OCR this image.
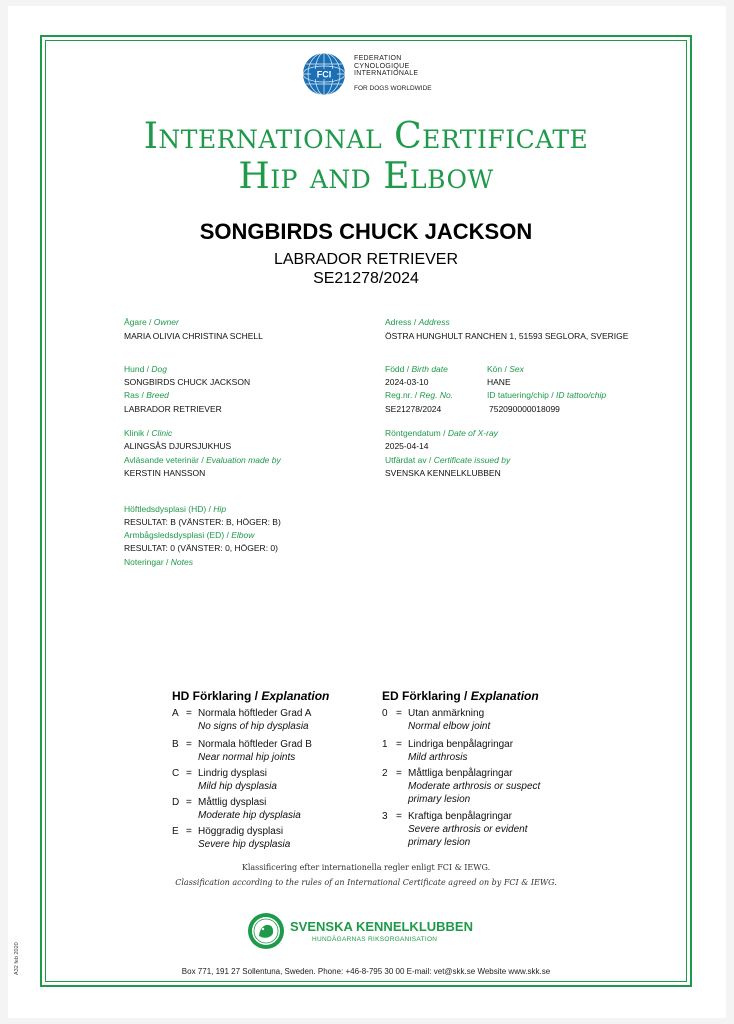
FCI
FEDERATION
CYNOLOGIQUE
INTERNATIONALE
FOR DOGS WORLDWIDE
International Certificate
Hip and Elbow
SONGBIRDS CHUCK JACKSON
LABRADOR RETRIEVER
SE21278/2024
Ägare / Owner
MARIA OLIVIA CHRISTINA SCHELL
Adress / Address
ÖSTRA HUNGHULT RANCHEN 1, 51593 SEGLORA, SVERIGE
Hund / Dog
SONGBIRDS CHUCK JACKSON
Född / Birth date
2024-03-10
Kön / Sex
HANE
Ras / Breed
LABRADOR RETRIEVER
Reg.nr. / Reg. No.
SE21278/2024
ID tatuering/chip / ID tattoo/chip
752090000018099
Klinik / Clinic
ALINGSÅS DJURSJUKHUS
Röntgendatum / Date of X-ray
2025-04-14
Avläsande veterinär / Evaluation made by
KERSTIN HANSSON
Utfärdat av / Certificate issued by
SVENSKA KENNELKLUBBEN
Höftledsdysplasi (HD) / Hip
RESULTAT: B (VÄNSTER: B, HÖGER: B)
Armbågsledsdysplasi (ED) / Elbow
RESULTAT: 0 (VÄNSTER: 0, HÖGER: 0)
Noteringar / Notes
HD Förklaring / Explanation
A = Normala höftleder Grad A
No signs of hip dysplasia
B = Normala höftleder Grad B
Near normal hip joints
C = Lindrig dysplasi
Mild hip dysplasia
D = Måttlig dysplasi
Moderate hip dysplasia
E = Höggradig dysplasi
Severe hip dysplasia
ED Förklaring / Explanation
0 = Utan anmärkning
Normal elbow joint
1 = Lindriga benpålagringar
Mild arthrosis
2 = Måttliga benpålagringar
Moderate arthrosis or suspect
primary lesion
3 = Kraftiga benpålagringar
Severe arthrosis or evident
primary lesion
Klassificering efter internationella regler enligt FCI & IEWG.
Classification according to the rules of an International Certificate agreed on by FCI & IEWG.
SVENSKA KENNELKLUBBEN
HUNDÄGARNAS RIKSORGANISATION
Box 771, 191 27 Sollentuna, Sweden. Phone: +46-8-795 30 00 E-mail: vet@skk.se Website www.skk.se
A32 feb 2020
